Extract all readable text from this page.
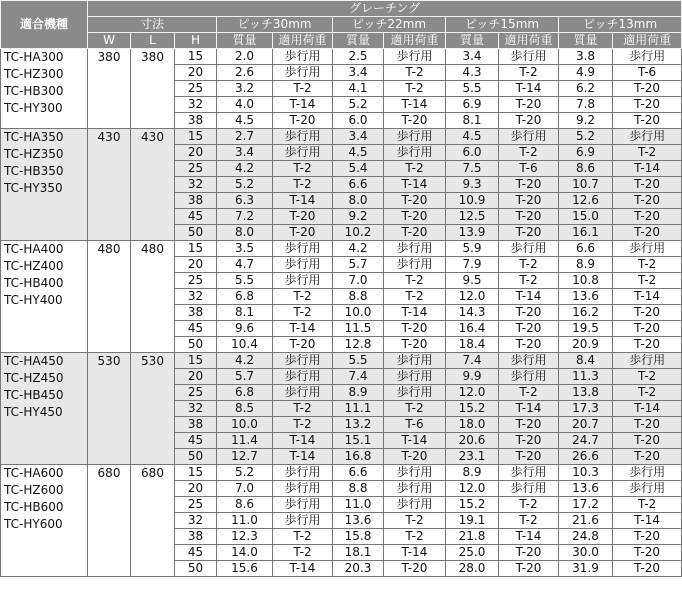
適合機種	グレーチング										
	寸法			ピッチ30mm		ピッチ22mm		ピッチ15mm		ピッチ13mm	
	W	L	H	質量	適用荷重	質量	適用荷重	質量	適用荷重	質量	適用荷重

TC-HA300
TC-HZ300
TC-HB300
TC-HY300	380	380	15	2.0	歩行用	2.5	歩行用	3.4	歩行用	3.8	歩行用
			20	2.6	歩行用	3.4	T-2	4.3	T-2	4.9	T-6
			25	3.2	T-2	4.1	T-2	5.5	T-14	6.2	T-20
			32	4.0	T-14	5.2	T-14	6.9	T-20	7.8	T-20
			38	4.5	T-20	6.0	T-20	8.1	T-20	9.2	T-20

TC-HA350
TC-HZ350
TC-HB350
TC-HY350	430	430	15	2.7	歩行用	3.4	歩行用	4.5	歩行用	5.2	歩行用
			20	3.4	歩行用	4.5	歩行用	6.0	T-2	6.9	T-2
			25	4.2	T-2	5.4	T-2	7.5	T-6	8.6	T-14
			32	5.2	T-2	6.6	T-14	9.3	T-20	10.7	T-20
			38	6.3	T-14	8.0	T-20	10.9	T-20	12.6	T-20
			45	7.2	T-20	9.2	T-20	12.5	T-20	15.0	T-20
			50	8.0	T-20	10.2	T-20	13.9	T-20	16.1	T-20

TC-HA400
TC-HZ400
TC-HB400
TC-HY400	480	480	15	3.5	歩行用	4.2	歩行用	5.9	歩行用	6.6	歩行用
			20	4.7	歩行用	5.7	歩行用	7.9	T-2	8.9	T-2
			25	5.5	歩行用	7.0	T-2	9.5	T-2	10.8	T-2
			32	6.8	T-2	8.8	T-2	12.0	T-14	13.6	T-14
			38	8.1	T-2	10.0	T-14	14.3	T-20	16.2	T-20
			45	9.6	T-14	11.5	T-20	16.4	T-20	19.5	T-20
			50	10.4	T-20	12.8	T-20	18.4	T-20	20.9	T-20

TC-HA450
TC-HZ450
TC-HB450
TC-HY450	530	530	15	4.2	歩行用	5.5	歩行用	7.4	歩行用	8.4	歩行用
			20	5.7	歩行用	7.4	歩行用	9.9	歩行用	11.3	T-2
			25	6.8	歩行用	8.9	歩行用	12.0	T-2	13.8	T-2
			32	8.5	T-2	11.1	T-2	15.2	T-14	17.3	T-14
			38	10.0	T-2	13.2	T-6	18.0	T-20	20.7	T-20
			45	11.4	T-14	15.1	T-14	20.6	T-20	24.7	T-20
			50	12.7	T-14	16.8	T-20	23.1	T-20	26.6	T-20

TC-HA600
TC-HZ600
TC-HB600
TC-HY600	680	680	15	5.2	歩行用	6.6	歩行用	8.9	歩行用	10.3	歩行用
			20	7.0	歩行用	8.8	歩行用	12.0	歩行用	13.6	歩行用
			25	8.6	歩行用	11.0	歩行用	15.2	T-2	17.2	T-2
			32	11.0	歩行用	13.6	T-2	19.1	T-2	21.6	T-14
			38	12.3	T-2	15.8	T-2	21.8	T-14	24.8	T-20
			45	14.0	T-2	18.1	T-14	25.0	T-20	30.0	T-20
			50	15.6	T-14	20.3	T-20	28.0	T-20	31.9	T-20
